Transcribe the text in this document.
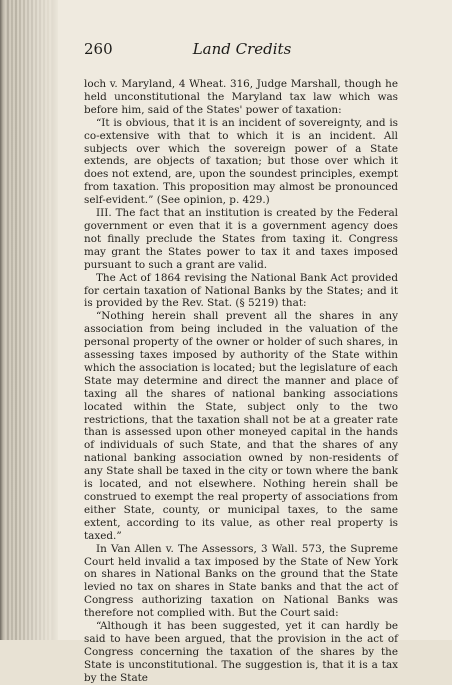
260	Land Credits

loch v. Maryland, 4 Wheat. 316, Judge Marshall, though he held unconstitutional the Maryland tax law which was before him, said of the States' power of taxation:

“It is obvious, that it is an incident of sovereignty, and is co-extensive with that to which it is an incident. All subjects over which the sovereign power of a State extends, are objects of taxation; but those over which it does not extend, are, upon the soundest principles, exempt from taxation. This proposition may almost be pronounced self-evident.” (See opinion, p. 429.)

III. The fact that an institution is created by the Federal government or even that it is a government agency does not finally preclude the States from taxing it. Congress may grant the States power to tax it and taxes imposed pursuant to such a grant are valid.

The Act of 1864 revising the National Bank Act provided for certain taxation of National Banks by the States; and it is provided by the Rev. Stat. (§ 5219) that:

“Nothing herein shall prevent all the shares in any association from being included in the valuation of the personal property of the owner or holder of such shares, in assessing taxes imposed by authority of the State within which the association is located; but the legislature of each State may determine and direct the manner and place of taxing all the shares of national banking associations located within the State, subject only to the two restrictions, that the taxation shall not be at a greater rate than is assessed upon other moneyed capital in the hands of individuals of such State, and that the shares of any national banking association owned by non-residents of any State shall be taxed in the city or town where the bank is located, and not elsewhere. Nothing herein shall be construed to exempt the real property of associations from either State, county, or municipal taxes, to the same extent, according to its value, as other real property is taxed.”

In Van Allen v. The Assessors, 3 Wall. 573, the Supreme Court held invalid a tax imposed by the State of New York on shares in National Banks on the ground that the State levied no tax on shares in State banks and that the act of Congress authorizing taxation on National Banks was therefore not complied with. But the Court said:

“Although it has been suggested, yet it can hardly be said to have been argued, that the provision in the act of Congress concerning the taxation of the shares by the State is unconstitutional. The suggestion is, that it is a tax by the State
